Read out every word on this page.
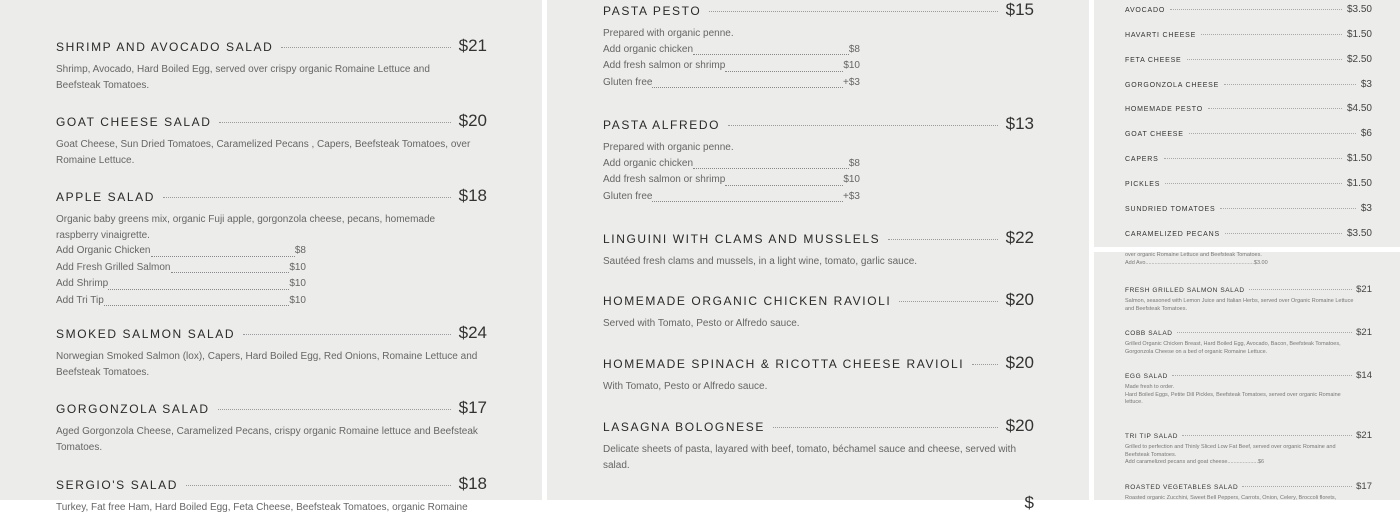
SHRIMP AND AVOCADO SALAD	$21
Shrimp, Avocado, Hard Boiled Egg, served over crispy organic Romaine Lettuce and
Beefsteak Tomatoes.
GOAT CHEESE SALAD	$20
Goat Cheese, Sun Dried Tomatoes, Caramelized Pecans , Capers, Beefsteak Tomatoes, over
Romaine Lettuce.
APPLE SALAD	$18
Organic baby greens mix, organic Fuji apple, gorgonzola cheese, pecans, homemade
raspberry vinaigrette.
Add Organic Chicken	$8
Add Fresh Grilled Salmon	$10
Add Shrimp	$10
Add Tri Tip	$10
SMOKED SALMON SALAD	$24
Norwegian Smoked Salmon (lox), Capers, Hard Boiled Egg, Red Onions, Romaine Lettuce and
Beefsteak Tomatoes.
GORGONZOLA SALAD	$17
Aged Gorgonzola Cheese, Caramelized Pecans, crispy organic Romaine lettuce and Beefsteak
Tomatoes.
SERGIO'S SALAD	$18
Turkey, Fat free Ham, Hard Boiled Egg, Feta Cheese, Beefsteak Tomatoes, organic Romaine
PASTA PESTO	$15
Prepared with organic penne.
Add organic chicken	$8
Add fresh salmon or shrimp	$10
Gluten free	+$3
PASTA ALFREDO	$13
Prepared with organic penne.
Add organic chicken	$8
Add fresh salmon or shrimp	$10
Gluten free	+$3
LINGUINI WITH CLAMS AND MUSSLELS	$22
Sautéed fresh clams and mussels, in a light wine, tomato, garlic sauce.
HOMEMADE ORGANIC CHICKEN RAVIOLI	$20
Served with Tomato, Pesto or Alfredo sauce.
HOMEMADE SPINACH & RICOTTA CHEESE RAVIOLI $20
With Tomato, Pesto or Alfredo sauce.
LASAGNA BOLOGNESE	$20
Delicate sheets of pasta, layared with beef, tomato, béchamel sauce and cheese, served with
salad.
$
AVOCADO	$3.50
HAVARTI CHEESE	$1.50
FETA CHEESE	$2.50
GORGONZOLA CHEESE	$3
HOMEMADE PESTO	$4.50
GOAT CHEESE	$6
CAPERS	$1.50
PICKLES	$1.50
SUNDRIED TOMATOES	$3
CARAMELIZED PECANS	$3.50
over organic Romaine Lettuce and Beefsteak Tomatoes.
Add Avo.......................................................................$3.00
FRESH GRILLED SALMON SALAD	$21
Salmon, seasoned with Lemon Juice and Italian Herbs, served over Organic Romaine Lettuce
and Beefsteak Tomatoes.
COBB SALAD	$21
Grilled Organic Chicken Breast, Hard Boiled Egg, Avocado, Bacon, Beefsteak Tomatoes,
Gorgonzola Cheese on a bed of organic Romaine Lettuce.
EGG SALAD	$14
Made fresh to order.
Hard Boiled Eggs, Petite Dill Pickles, Beefsteak Tomatoes, served over organic Romaine
lettuce.
TRI TIP SALAD	$21
Grilled to perfection and Thinly Sliced Low Fat Beef, served over organic Romaine and
Beefsteak Tomatoes.
Add caramelized pecans and goat cheese....................$6
ROASTED VEGETABLES SALAD	$17
Roasted organic Zucchini, Sweet Bell Peppers, Carrots, Onion, Celery, Broccoli florets,
